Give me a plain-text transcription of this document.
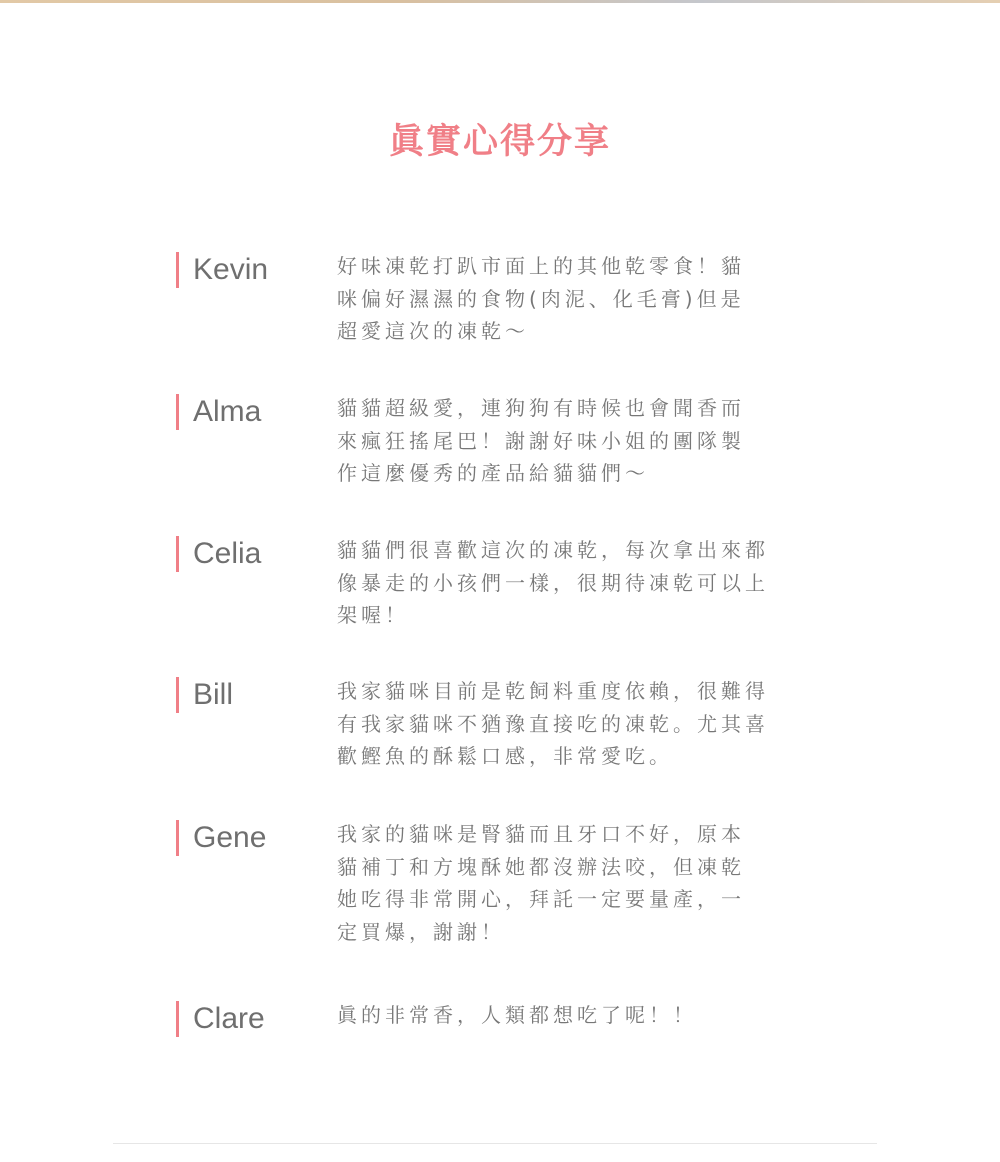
眞實心得分享
Kevin	好味凍乾打趴市面上的其他乾零食！貓
咪偏好濕濕的食物(肉泥、化毛膏)但是
超愛這次的凍乾～
Alma	貓貓超級愛，連狗狗有時候也會聞香而
來瘋狂搖尾巴！謝謝好味小姐的團隊製
作這麼優秀的產品給貓貓們～
Celia	貓貓們很喜歡這次的凍乾，每次拿出來都
像暴走的小孩們一樣，很期待凍乾可以上
架喔！
Bill	我家貓咪目前是乾飼料重度依賴，很難得
有我家貓咪不猶豫直接吃的凍乾。尤其喜
歡鰹魚的酥鬆口感，非常愛吃。
Gene	我家的貓咪是腎貓而且牙口不好，原本
貓補丁和方塊酥她都沒辦法咬，但凍乾
她吃得非常開心，拜託一定要量產，一
定買爆，謝謝！
Clare	眞的非常香，人類都想吃了呢！！
